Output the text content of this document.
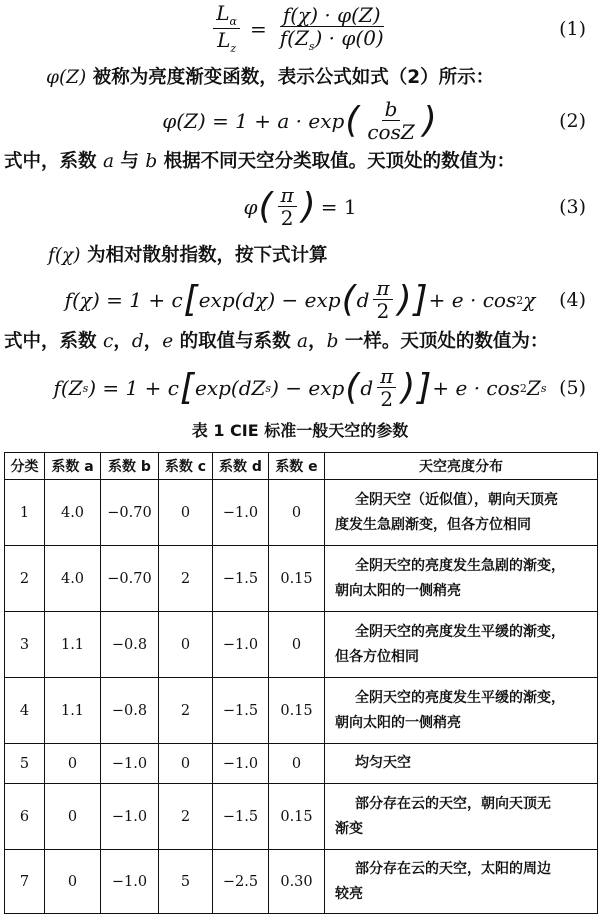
$\frac{L_\alpha}{L_z} = \frac{f(\chi) \cdot \varphi(Z)}{f(Z_s) \cdot \varphi(0)}$	(1)
φ(Z) 被称为亮度渐变函数，表示公式如式（2）所示：
φ(Z) = 1 + a · exp ( $\frac{b}{\cos Z}$ )	(2)
式中，系数 a 与 b 根据不同天空分类取值。天顶处的数值为：
φ ( $\frac{\pi}{2}$ ) = 1	(3)
f(χ) 为相对散射指数，按下式计算
f(χ) = 1 + c [ exp(dχ) − exp ( d $\frac{\pi}{2}$ ) ] + e · cos 2 χ (4)
式中，系数 c，d，e 的取值与系数 a，b 一样。天顶处的数值为：
f(Z s ) = 1 + c [ exp(dZ s ) − exp ( d $\frac{\pi}{2}$ ) ] + e · cos 2 Z s (5)
表 1 CIE 标准一般天空的参数
分类	系数 a	系数 b	系数 c	系数 d	系数 e	天空亮度分布
1	4.0	−0.70	0	−1.0	0	全阴天空（近似值），朝向天顶亮
度发生急剧渐变，但各方位相同

2	4.0	−0.70	2	−1.5	0.15	全阴天空的亮度发生急剧的渐变，
朝向太阳的一侧稍亮

3	1.1	−0.8	0	−1.0	0	全阴天空的亮度发生平缓的渐变，
但各方位相同

4	1.1	−0.8	2	−1.5	0.15	全阴天空的亮度发生平缓的渐变，
朝向太阳的一侧稍亮

5	0	−1.0	0	−1.0	0	均匀天空

6	0	−1.0	2	−1.5	0.15	部分存在云的天空，朝向天顶无
渐变

7	0	−1.0	5	−2.5	0.30	部分存在云的天空，太阳的周边
较亮
